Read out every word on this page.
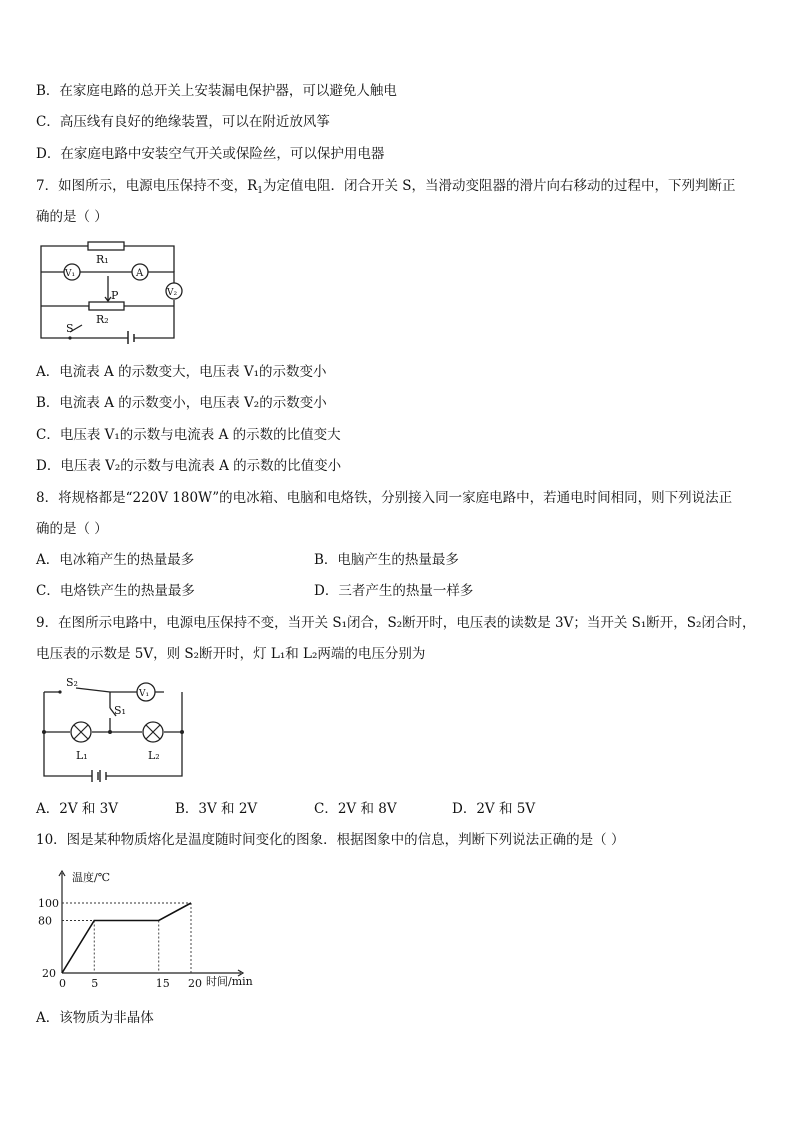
B．在家庭电路的总开关上安装漏电保护器，可以避免人触电
C．高压线有良好的绝缘装置，可以在附近放风筝
D．在家庭电路中安装空气开关或保险丝，可以保护用电器
7．如图所示，电源电压保持不变，$R_1$为定值电阻．闭合开关 S，当滑动变阻器的滑片向右移动的过程中，下列判断正
确的是（ ）
R₁
V₁	A
V₂
P
R₂
S
A．电流表 A 的示数变大，电压表 V₁的示数变小
B．电流表 A 的示数变小，电压表 V₂的示数变小
C．电压表 V₁的示数与电流表 A 的示数的比值变大
D．电压表 V₂的示数与电流表 A 的示数的比值变小
8．将规格都是“220V 180W”的电冰箱、电脑和电烙铁，分别接入同一家庭电路中，若通电时间相同，则下列说法正
确的是（ ）
A．电冰箱产生的热量最多	B．电脑产生的热量最多
C．电烙铁产生的热量最多	D．三者产生的热量一样多
9．在图所示电路中，电源电压保持不变，当开关 S₁闭合，S₂断开时，电压表的读数是 3V；当开关 S₁断开，S₂闭合时，
电压表的示数是 5V，则 S₂断开时，灯 L₁和 L₂两端的电压分别为
S₂
V₁
S₁
L₁	L₂
A．2V 和 3V	B．3V 和 2V	C．2V 和 8V	D．2V 和 5V
10．图是某种物质熔化是温度随时间变化的图象．根据图象中的信息，判断下列说法正确的是（ ）
温度/℃
时间/min
0 5	15 20
20
80
100
A．该物质为非晶体
